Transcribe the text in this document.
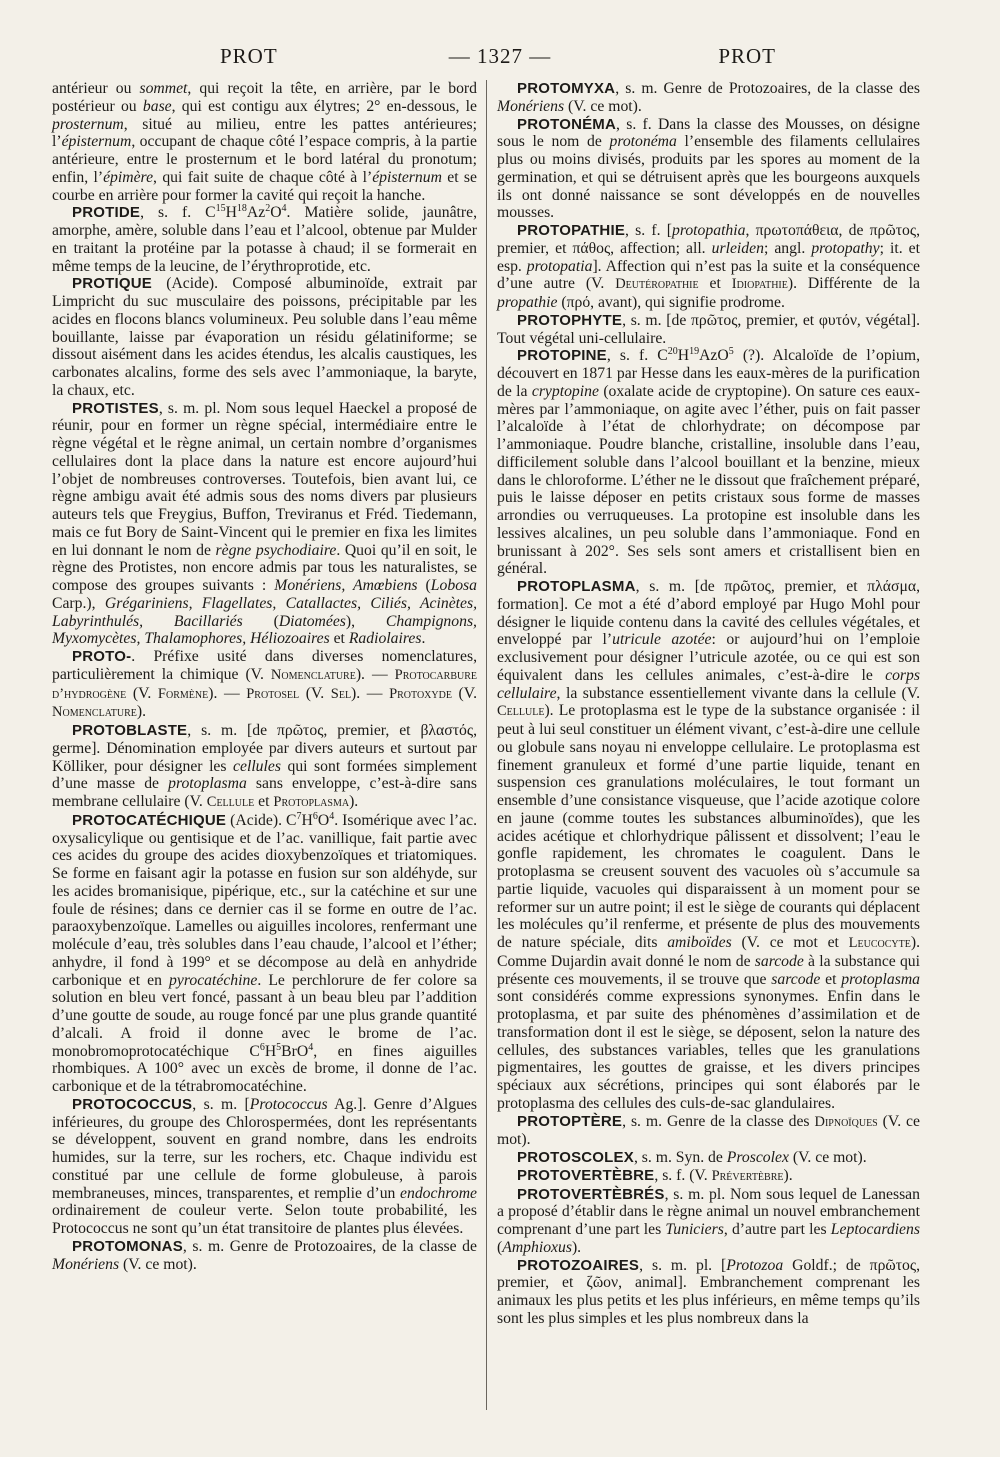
PROT	— 1327 —	PROT

antérieur ou sommet, qui reçoit la tête, en arrière, par le bord postérieur ou base, qui est contigu aux élytres; 2° en-dessous, le prosternum, situé au milieu, entre les pattes antérieures; l’épisternum, occupant de chaque côté l’espace compris, à la partie antérieure, entre le prosternum et le bord latéral du pronotum; enfin, l’épimère, qui fait suite de chaque côté à l’épisternum et se courbe en arrière pour former la cavité qui reçoit la hanche.

PROTIDE, s. f. $C^{15}H^{18}Az^2O^4$. Matière solide, jaunâtre, amorphe, amère, soluble dans l’eau et l’alcool, obtenue par Mulder en traitant la protéine par la potasse à chaud; il se formerait en même temps de la leucine, de l’érythroprotide, etc.

PROTIQUE (Acide). Composé albuminoïde, extrait par Limpricht du suc musculaire des poissons, précipitable par les acides en flocons blancs volumineux. Peu soluble dans l’eau même bouillante, laisse par évaporation un résidu gélatiniforme; se dissout aisément dans les acides étendus, les alcalis caustiques, les carbonates alcalins, forme des sels avec l’ammoniaque, la baryte, la chaux, etc.

PROTISTES, s. m. pl. Nom sous lequel Haeckel a proposé de réunir, pour en former un règne spécial, intermédiaire entre le règne végétal et le règne animal, un certain nombre d’organismes cellulaires dont la place dans la nature est encore aujourd’hui l’objet de nombreuses controverses. Toutefois, bien avant lui, ce règne ambigu avait été admis sous des noms divers par plusieurs auteurs tels que Freygius, Buffon, Treviranus et Fréd. Tiedemann, mais ce fut Bory de Saint-Vincent qui le premier en fixa les limites en lui donnant le nom de règne psychodiaire. Quoi qu’il en soit, le règne des Protistes, non encore admis par tous les naturalistes, se compose des groupes suivants : Monériens, Amœbiens (Lobosa Carp.), Grégariniens, Flagellates, Catallactes, Ciliés, Acinètes, Labyrinthulés, Bacillariés (Diatomées), Champignons, Myxomycètes, Thalamophores, Héliozoaires et Radiolaires.

PROTO-. Préfixe usité dans diverses nomenclatures, particulièrement la chimique (V. Nomenclature). — Protocarbure d’hydrogène (V. Formène). — Protosel (V. Sel). — Protoxyde (V. Nomenclature).

PROTOBLASTE, s. m. [de πρῶτος, premier, et βλαστός, germe]. Dénomination employée par divers auteurs et surtout par Kölliker, pour désigner les cellules qui sont formées simplement d’une masse de protoplasma sans enveloppe, c’est-à-dire sans membrane cellulaire (V. Cellule et Protoplasma).

PROTOCATÉCHIQUE (Acide). $C^7H^6O^4$. Isomérique avec l’ac. oxysalicylique ou gentisique et de l’ac. vanillique, fait partie avec ces acides du groupe des acides dioxybenzoïques et triatomiques. Se forme en faisant agir la potasse en fusion sur son aldéhyde, sur les acides bromanisique, pipérique, etc., sur la catéchine et sur une foule de résines; dans ce dernier cas il se forme en outre de l’ac. paraoxybenzoïque. Lamelles ou aiguilles incolores, renfermant une molécule d’eau, très solubles dans l’eau chaude, l’alcool et l’éther; anhydre, il fond à 199° et se décompose au delà en anhydride carbonique et en pyrocatéchine. Le perchlorure de fer colore sa solution en bleu vert foncé, passant à un beau bleu par l’addition d’une goutte de soude, au rouge foncé par une plus grande quantité d’alcali. A froid il donne avec le brome de l’ac. monobromoprotocatéchique $C^6H^5BrO^4$, en fines aiguilles rhombiques. A 100° avec un excès de brome, il donne de l’ac. carbonique et de la tétrabromocatéchine.

PROTOCOCCUS, s. m. [Protococcus Ag.]. Genre d’Algues inférieures, du groupe des Chlorospermées, dont les représentants se développent, souvent en grand nombre, dans les endroits humides, sur la terre, sur les rochers, etc. Chaque individu est constitué par une cellule de forme globuleuse, à parois membraneuses, minces, transparentes, et remplie d’un endochrome ordinairement de couleur verte. Selon toute probabilité, les Protococcus ne sont qu’un état transitoire de plantes plus élevées.

PROTOMONAS, s. m. Genre de Protozoaires, de la classe de Monériens (V. ce mot).

PROTOMYXA, s. m. Genre de Protozoaires, de la classe des Monériens (V. ce mot).

PROTONÉMA, s. f. Dans la classe des Mousses, on désigne sous le nom de protonéma l’ensemble des filaments cellulaires plus ou moins divisés, produits par les spores au moment de la germination, et qui se détruisent après que les bourgeons auxquels ils ont donné naissance se sont développés en de nouvelles mousses.

PROTOPATHIE, s. f. [protopathia, πρωτοπάθεια, de πρῶτος, premier, et πάθος, affection; all. urleiden; angl. protopathy; it. et esp. protopatia]. Affection qui n’est pas la suite et la conséquence d’une autre (V. Deutéropathie et Idiopathie). Différente de la propathie (πρό, avant), qui signifie prodrome.

PROTOPHYTE, s. m. [de πρῶτος, premier, et φυτόν, végétal]. Tout végétal uni-cellulaire.

PROTOPINE, s. f. $C^{20}H^{19}AzO^5$ (?). Alcaloïde de l’opium, découvert en 1871 par Hesse dans les eaux-mères de la purification de la cryptopine (oxalate acide de cryptopine). On sature ces eaux-mères par l’ammoniaque, on agite avec l’éther, puis on fait passer l’alcaloïde à l’état de chlorhydrate; on décompose par l’ammoniaque. Poudre blanche, cristalline, insoluble dans l’eau, difficilement soluble dans l’alcool bouillant et la benzine, mieux dans le chloroforme. L’éther ne le dissout que fraîchement préparé, puis le laisse déposer en petits cristaux sous forme de masses arrondies ou verruqueuses. La protopine est insoluble dans les lessives alcalines, un peu soluble dans l’ammoniaque. Fond en brunissant à 202°. Ses sels sont amers et cristallisent bien en général.

PROTOPLASMA, s. m. [de πρῶτος, premier, et πλάσμα, formation]. Ce mot a été d’abord employé par Hugo Mohl pour désigner le liquide contenu dans la cavité des cellules végétales, et enveloppé par l’utricule azotée: or aujourd’hui on l’emploie exclusivement pour désigner l’utricule azotée, ou ce qui est son équivalent dans les cellules animales, c’est-à-dire le corps cellulaire, la substance essentiellement vivante dans la cellule (V. Cellule). Le protoplasma est le type de la substance organisée : il peut à lui seul constituer un élément vivant, c’est-à-dire une cellule ou globule sans noyau ni enveloppe cellulaire. Le protoplasma est finement granuleux et formé d’une partie liquide, tenant en suspension ces granulations moléculaires, le tout formant un ensemble d’une consistance visqueuse, que l’acide azotique colore en jaune (comme toutes les substances albuminoïdes), que les acides acétique et chlorhydrique pâlissent et dissolvent; l’eau le gonfle rapidement, les chromates le coagulent. Dans le protoplasma se creusent souvent des vacuoles où s’accumule sa partie liquide, vacuoles qui disparaissent à un moment pour se reformer sur un autre point; il est le siège de courants qui déplacent les molécules qu’il renferme, et présente de plus des mouvements de nature spéciale, dits amiboïdes (V. ce mot et Leucocyte). Comme Dujardin avait donné le nom de sarcode à la substance qui présente ces mouvements, il se trouve que sarcode et protoplasma sont considérés comme expressions synonymes. Enfin dans le protoplasma, et par suite des phénomènes d’assimilation et de transformation dont il est le siège, se déposent, selon la nature des cellules, des substances variables, telles que les granulations pigmentaires, les gouttes de graisse, et les divers principes spéciaux aux sécrétions, principes qui sont élaborés par le protoplasma des cellules des culs-de-sac glandulaires.

PROTOPTÈRE, s. m. Genre de la classe des Dipnoïques (V. ce mot).

PROTOSCOLEX, s. m. Syn. de Proscolex (V. ce mot).

PROTOVERTÈBRE, s. f. (V. Prévertèbre).

PROTOVERTÈBRÉS, s. m. pl. Nom sous lequel de Lanessan a proposé d’établir dans le règne animal un nouvel embranchement comprenant d’une part les Tuniciers, d’autre part les Leptocardiens (Amphioxus).

PROTOZOAIRES, s. m. pl. [Protozoa Goldf.; de πρῶτος, premier, et ζῶον, animal]. Embranchement comprenant les animaux les plus petits et les plus inférieurs, en même temps qu’ils sont les plus simples et les plus nombreux dans la
